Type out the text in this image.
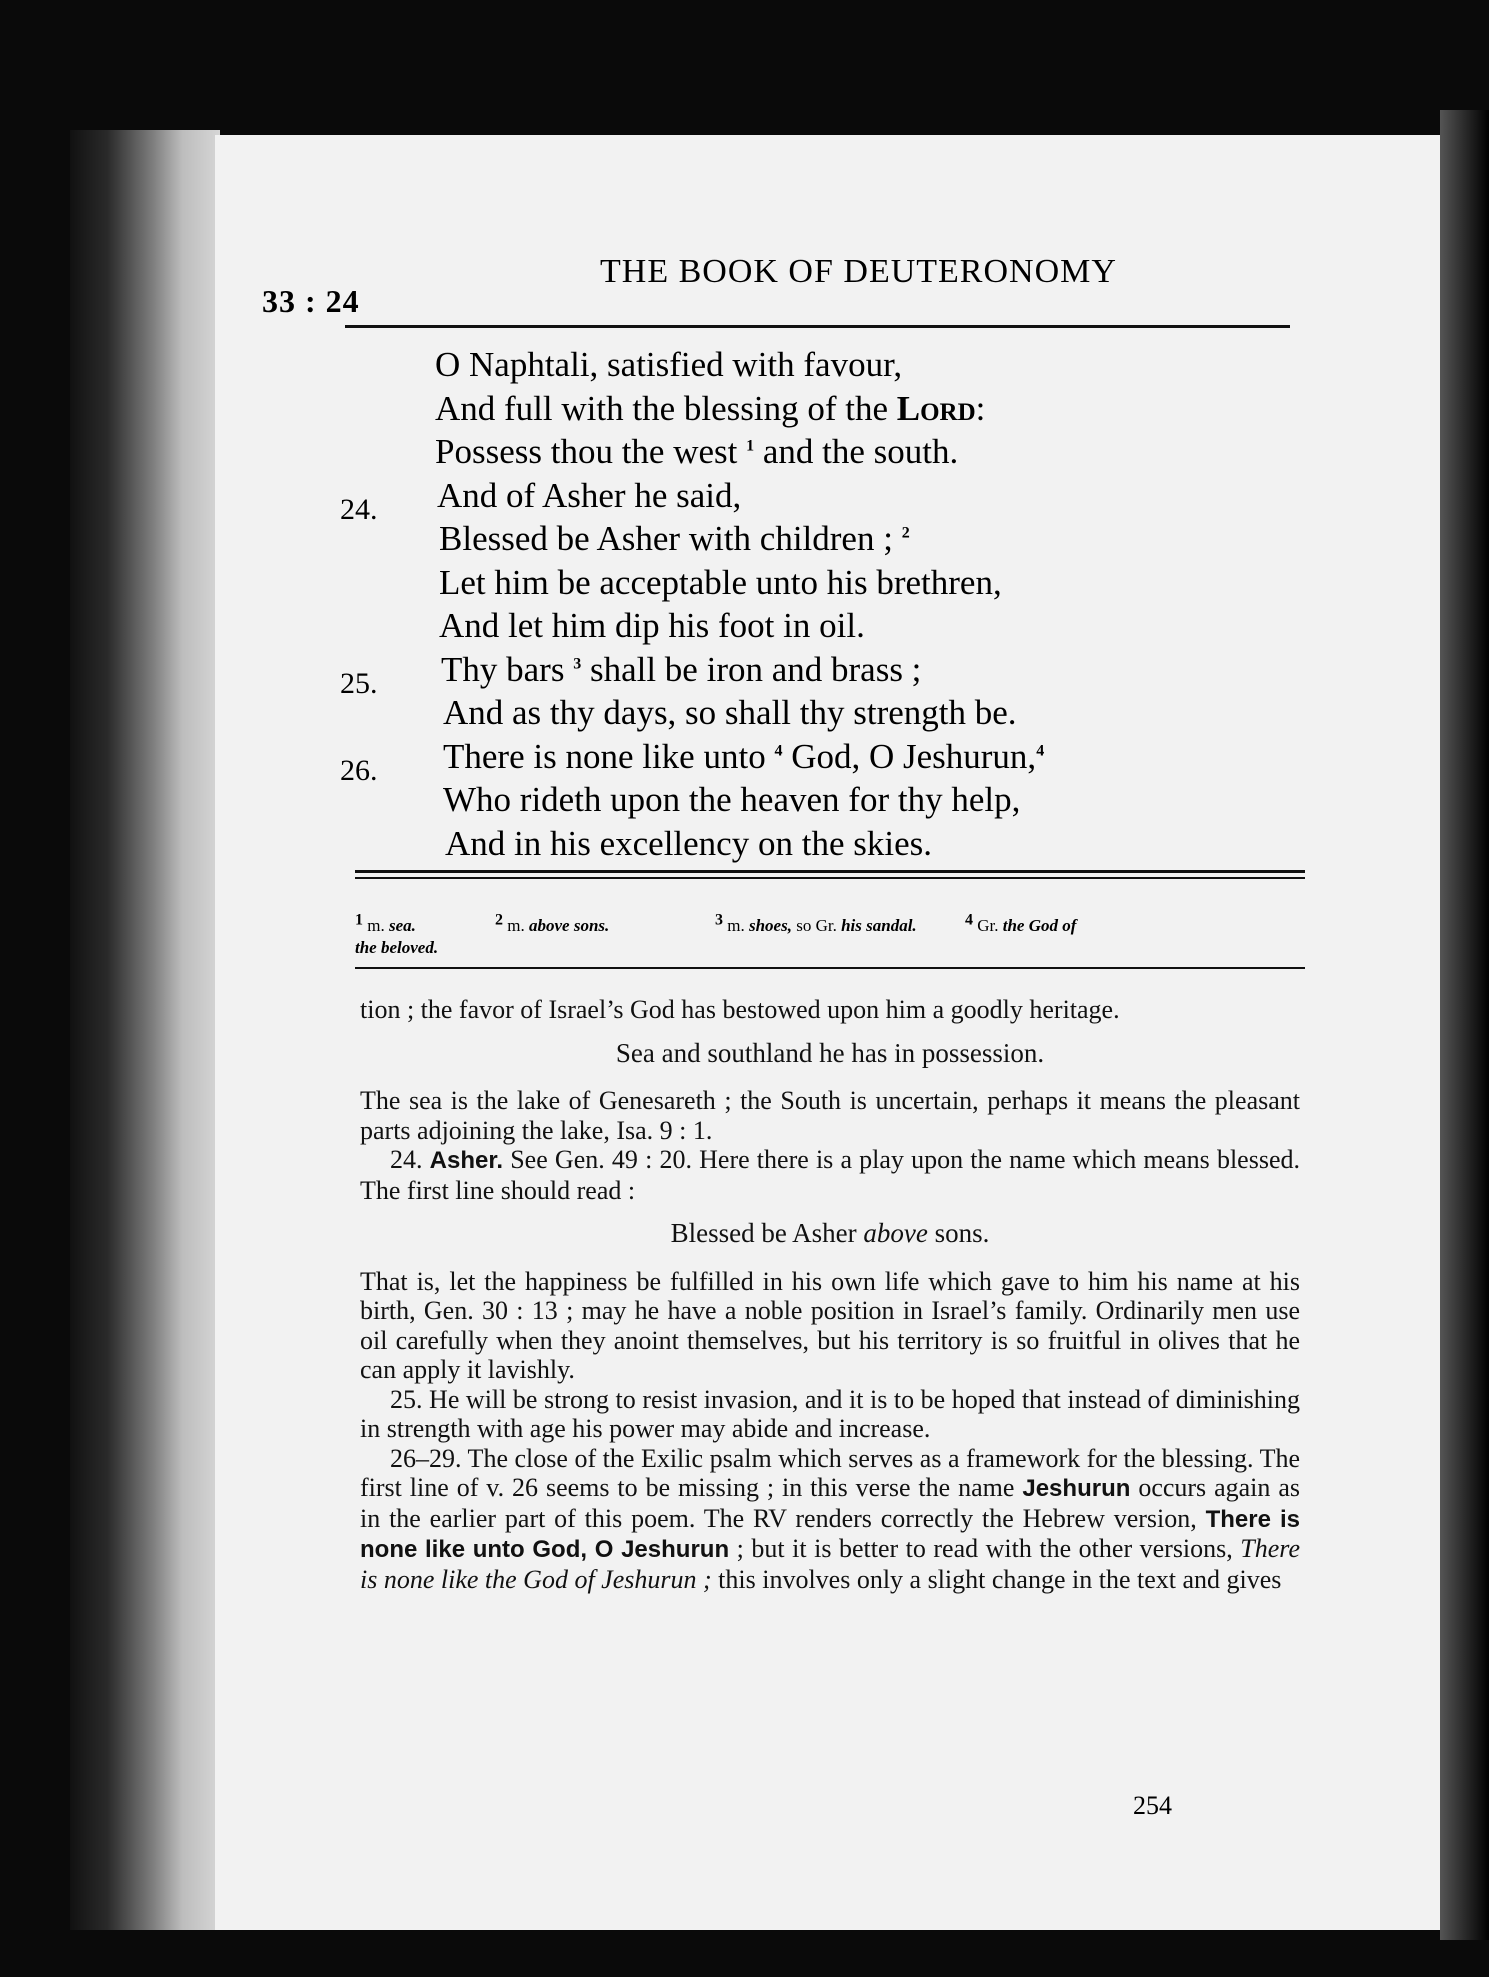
33 : 24
THE BOOK OF DEUTERONOMY
O Naphtali, satisfied with favour,
And full with the blessing of the Lord:
Possess thou the west $^1$ and the south.
24. And of Asher he said,
Blessed be Asher with children ; $^2$
Let him be acceptable unto his brethren,
And let him dip his foot in oil.
25. Thy bars $^3$ shall be iron and brass ;
And as thy days, so shall thy strength be.
26. There is none like unto $^4$ God, O Jeshurun,$^4$
Who rideth upon the heaven for thy help,
And in his excellency on the skies.
$^1$ m. sea.	$^2$ m. above sons.	$^3$ m. shoes, so Gr. his sandal.	$^4$ Gr. the God of
the beloved.

tion ; the favor of Israel’s God has bestowed upon him a goodly heritage.

Sea and southland he has in possession.

The sea is the lake of Genesareth ; the South is uncertain, perhaps it means the pleasant parts adjoining the lake, Isa. 9 : 1.

24. Asher. See Gen. 49 : 20. Here there is a play upon the name which means blessed. The first line should read :

Blessed be Asher above sons.

That is, let the happiness be fulfilled in his own life which gave to him his name at his birth, Gen. 30 : 13 ; may he have a noble position in Israel’s family. Ordinarily men use oil carefully when they anoint themselves, but his territory is so fruitful in olives that he can apply it lavishly.

25. He will be strong to resist invasion, and it is to be hoped that instead of diminishing in strength with age his power may abide and increase.

26–29. The close of the Exilic psalm which serves as a framework for the blessing. The first line of v. 26 seems to be missing ; in this verse the name Jeshurun occurs again as in the earlier part of this poem. The RV renders correctly the Hebrew version, There is none like unto God, O Jeshurun ; but it is better to read with the other versions, There is none like the God of Jeshurun ; this involves only a slight change in the text and gives

254
